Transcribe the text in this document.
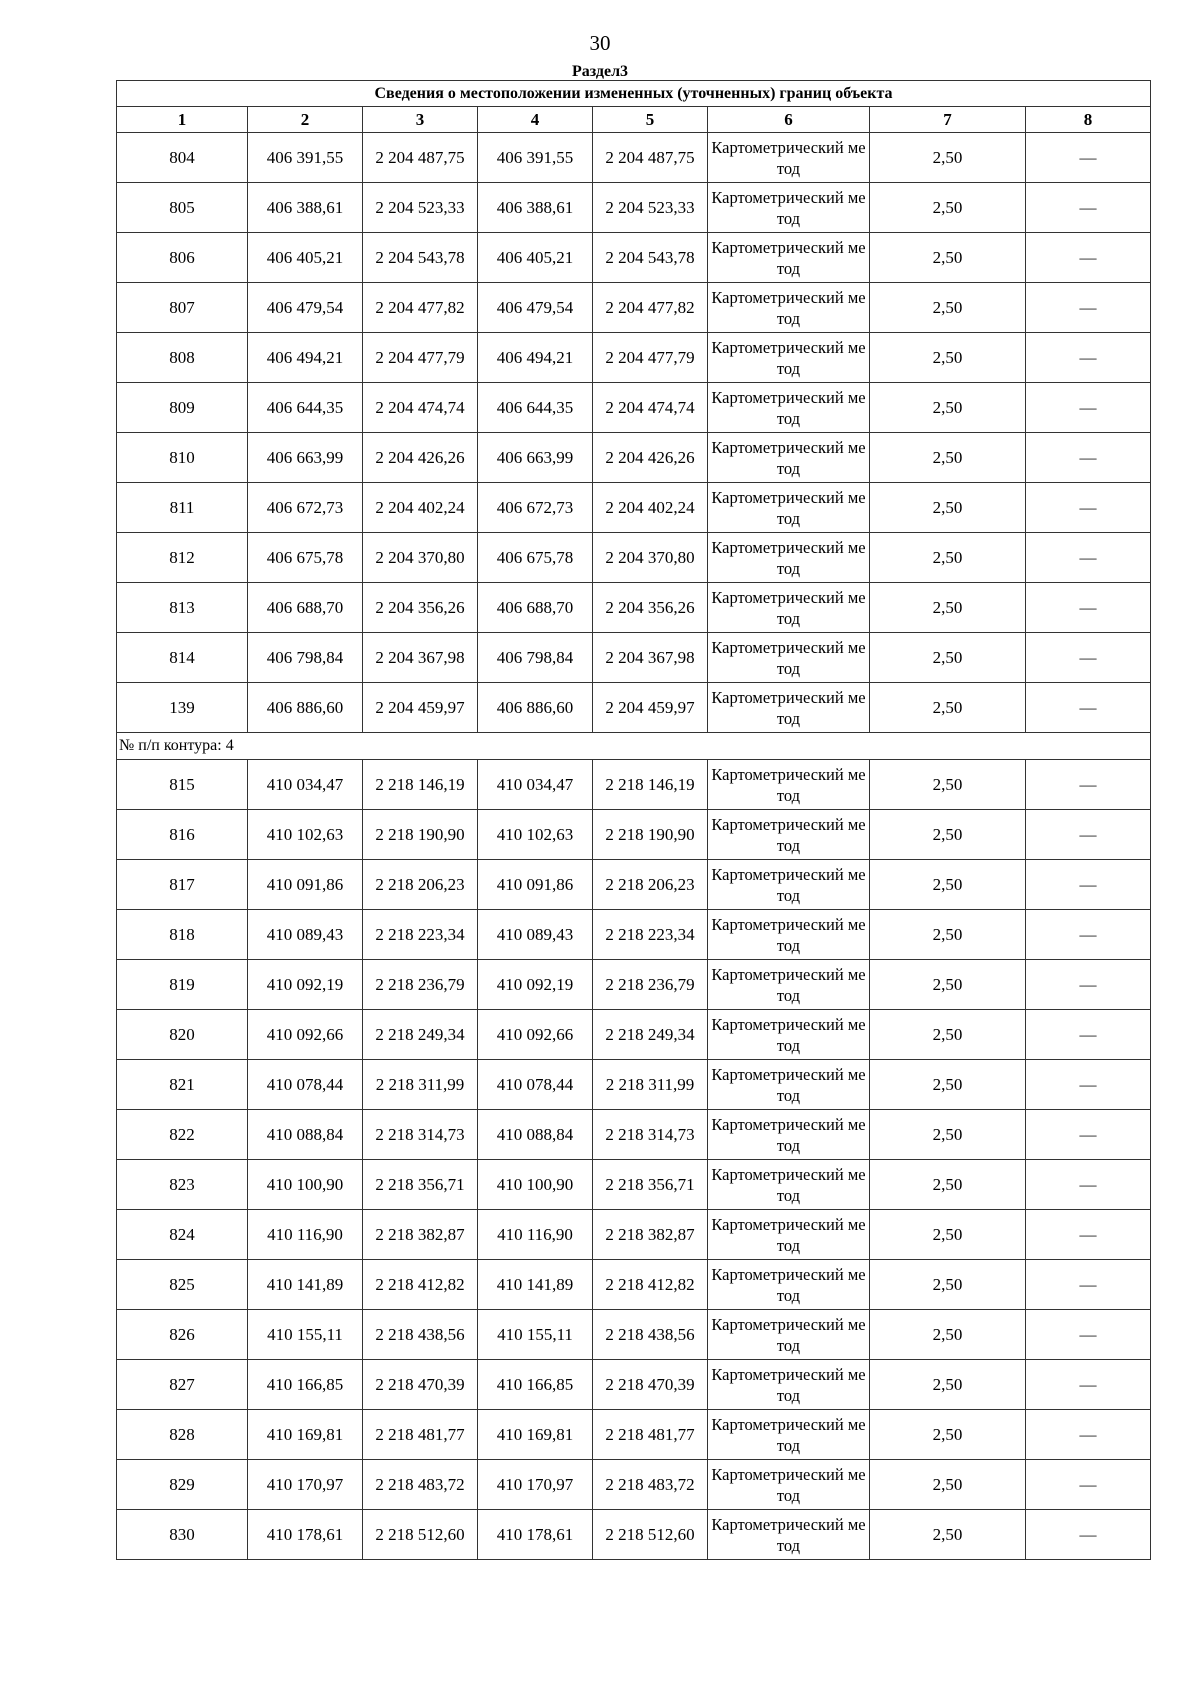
30
Раздел3
Сведения о местоположении измененных (уточненных) границ объекта							
1	2	3	4	5	6	7	8
804	406 391,55	2 204 487,75	406 391,55	2 204 487,75	Картометрический метод	2,50	—
805	406 388,61	2 204 523,33	406 388,61	2 204 523,33	Картометрический метод	2,50	—
806	406 405,21	2 204 543,78	406 405,21	2 204 543,78	Картометрический метод	2,50	—
807	406 479,54	2 204 477,82	406 479,54	2 204 477,82	Картометрический метод	2,50	—
808	406 494,21	2 204 477,79	406 494,21	2 204 477,79	Картометрический метод	2,50	—
809	406 644,35	2 204 474,74	406 644,35	2 204 474,74	Картометрический метод	2,50	—
810	406 663,99	2 204 426,26	406 663,99	2 204 426,26	Картометрический метод	2,50	—
811	406 672,73	2 204 402,24	406 672,73	2 204 402,24	Картометрический метод	2,50	—
812	406 675,78	2 204 370,80	406 675,78	2 204 370,80	Картометрический метод	2,50	—
813	406 688,70	2 204 356,26	406 688,70	2 204 356,26	Картометрический метод	2,50	—
814	406 798,84	2 204 367,98	406 798,84	2 204 367,98	Картометрический метод	2,50	—
139	406 886,60	2 204 459,97	406 886,60	2 204 459,97	Картометрический метод	2,50	—
№ п/п контура: 4							
815	410 034,47	2 218 146,19	410 034,47	2 218 146,19	Картометрический метод	2,50	—
816	410 102,63	2 218 190,90	410 102,63	2 218 190,90	Картометрический метод	2,50	—
817	410 091,86	2 218 206,23	410 091,86	2 218 206,23	Картометрический метод	2,50	—
818	410 089,43	2 218 223,34	410 089,43	2 218 223,34	Картометрический метод	2,50	—
819	410 092,19	2 218 236,79	410 092,19	2 218 236,79	Картометрический метод	2,50	—
820	410 092,66	2 218 249,34	410 092,66	2 218 249,34	Картометрический метод	2,50	—
821	410 078,44	2 218 311,99	410 078,44	2 218 311,99	Картометрический метод	2,50	—
822	410 088,84	2 218 314,73	410 088,84	2 218 314,73	Картометрический метод	2,50	—
823	410 100,90	2 218 356,71	410 100,90	2 218 356,71	Картометрический метод	2,50	—
824	410 116,90	2 218 382,87	410 116,90	2 218 382,87	Картометрический метод	2,50	—
825	410 141,89	2 218 412,82	410 141,89	2 218 412,82	Картометрический метод	2,50	—
826	410 155,11	2 218 438,56	410 155,11	2 218 438,56	Картометрический метод	2,50	—
827	410 166,85	2 218 470,39	410 166,85	2 218 470,39	Картометрический метод	2,50	—
828	410 169,81	2 218 481,77	410 169,81	2 218 481,77	Картометрический метод	2,50	—
829	410 170,97	2 218 483,72	410 170,97	2 218 483,72	Картометрический метод	2,50	—
830	410 178,61	2 218 512,60	410 178,61	2 218 512,60	Картометрический метод	2,50	—
